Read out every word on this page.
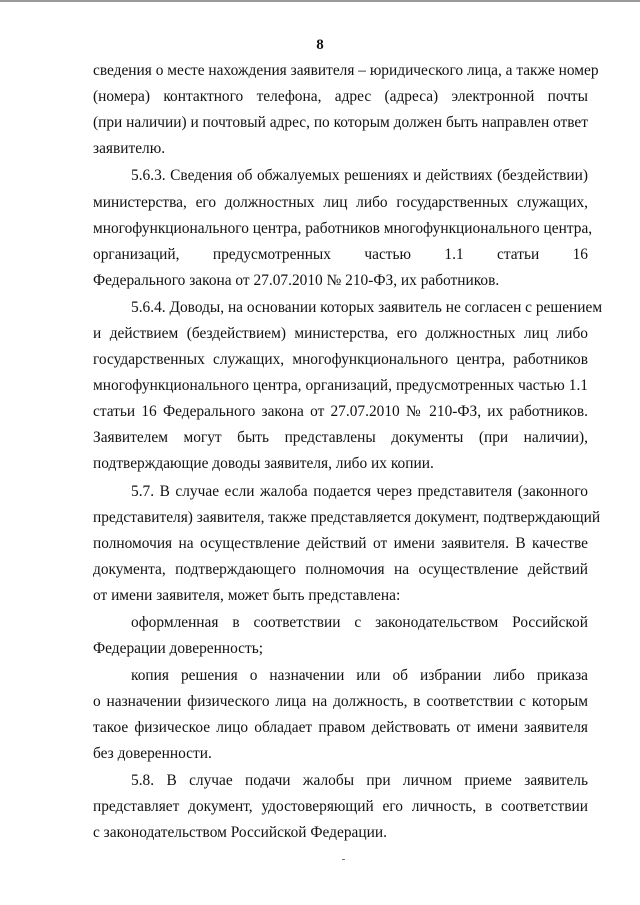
8
сведения о месте нахождения заявителя – юридического лица, а также номер
(номера) контактного телефона, адрес (адреса) электронной почты
(при наличии) и почтовый адрес, по которым должен быть направлен ответ
заявителю.
5.6.3. Сведения об обжалуемых решениях и действиях (бездействии)
министерства, его должностных лиц либо государственных служащих,
многофункционального центра, работников многофункционального центра,
организаций, предусмотренных частью 1.1 статьи 16
Федерального закона от 27.07.2010 № 210-ФЗ, их работников.
5.6.4. Доводы, на основании которых заявитель не согласен с решением
и действием (бездействием) министерства, его должностных лиц либо
государственных служащих, многофункционального центра, работников
многофункционального центра, организаций, предусмотренных частью 1.1
статьи 16 Федерального закона от 27.07.2010 № 210-ФЗ, их работников.
Заявителем могут быть представлены документы (при наличии),
подтверждающие доводы заявителя, либо их копии.
5.7. В случае если жалоба подается через представителя (законного
представителя) заявителя, также представляется документ, подтверждающий
полномочия на осуществление действий от имени заявителя. В качестве
документа, подтверждающего полномочия на осуществление действий
от имени заявителя, может быть представлена:
оформленная в соответствии с законодательством Российской
Федерации доверенность;
копия решения о назначении или об избрании либо приказа
о назначении физического лица на должность, в соответствии с которым
такое физическое лицо обладает правом действовать от имени заявителя
без доверенности.
5.8. В случае подачи жалобы при личном приеме заявитель
представляет документ, удостоверяющий его личность, в соответствии
с законодательством Российской Федерации.
